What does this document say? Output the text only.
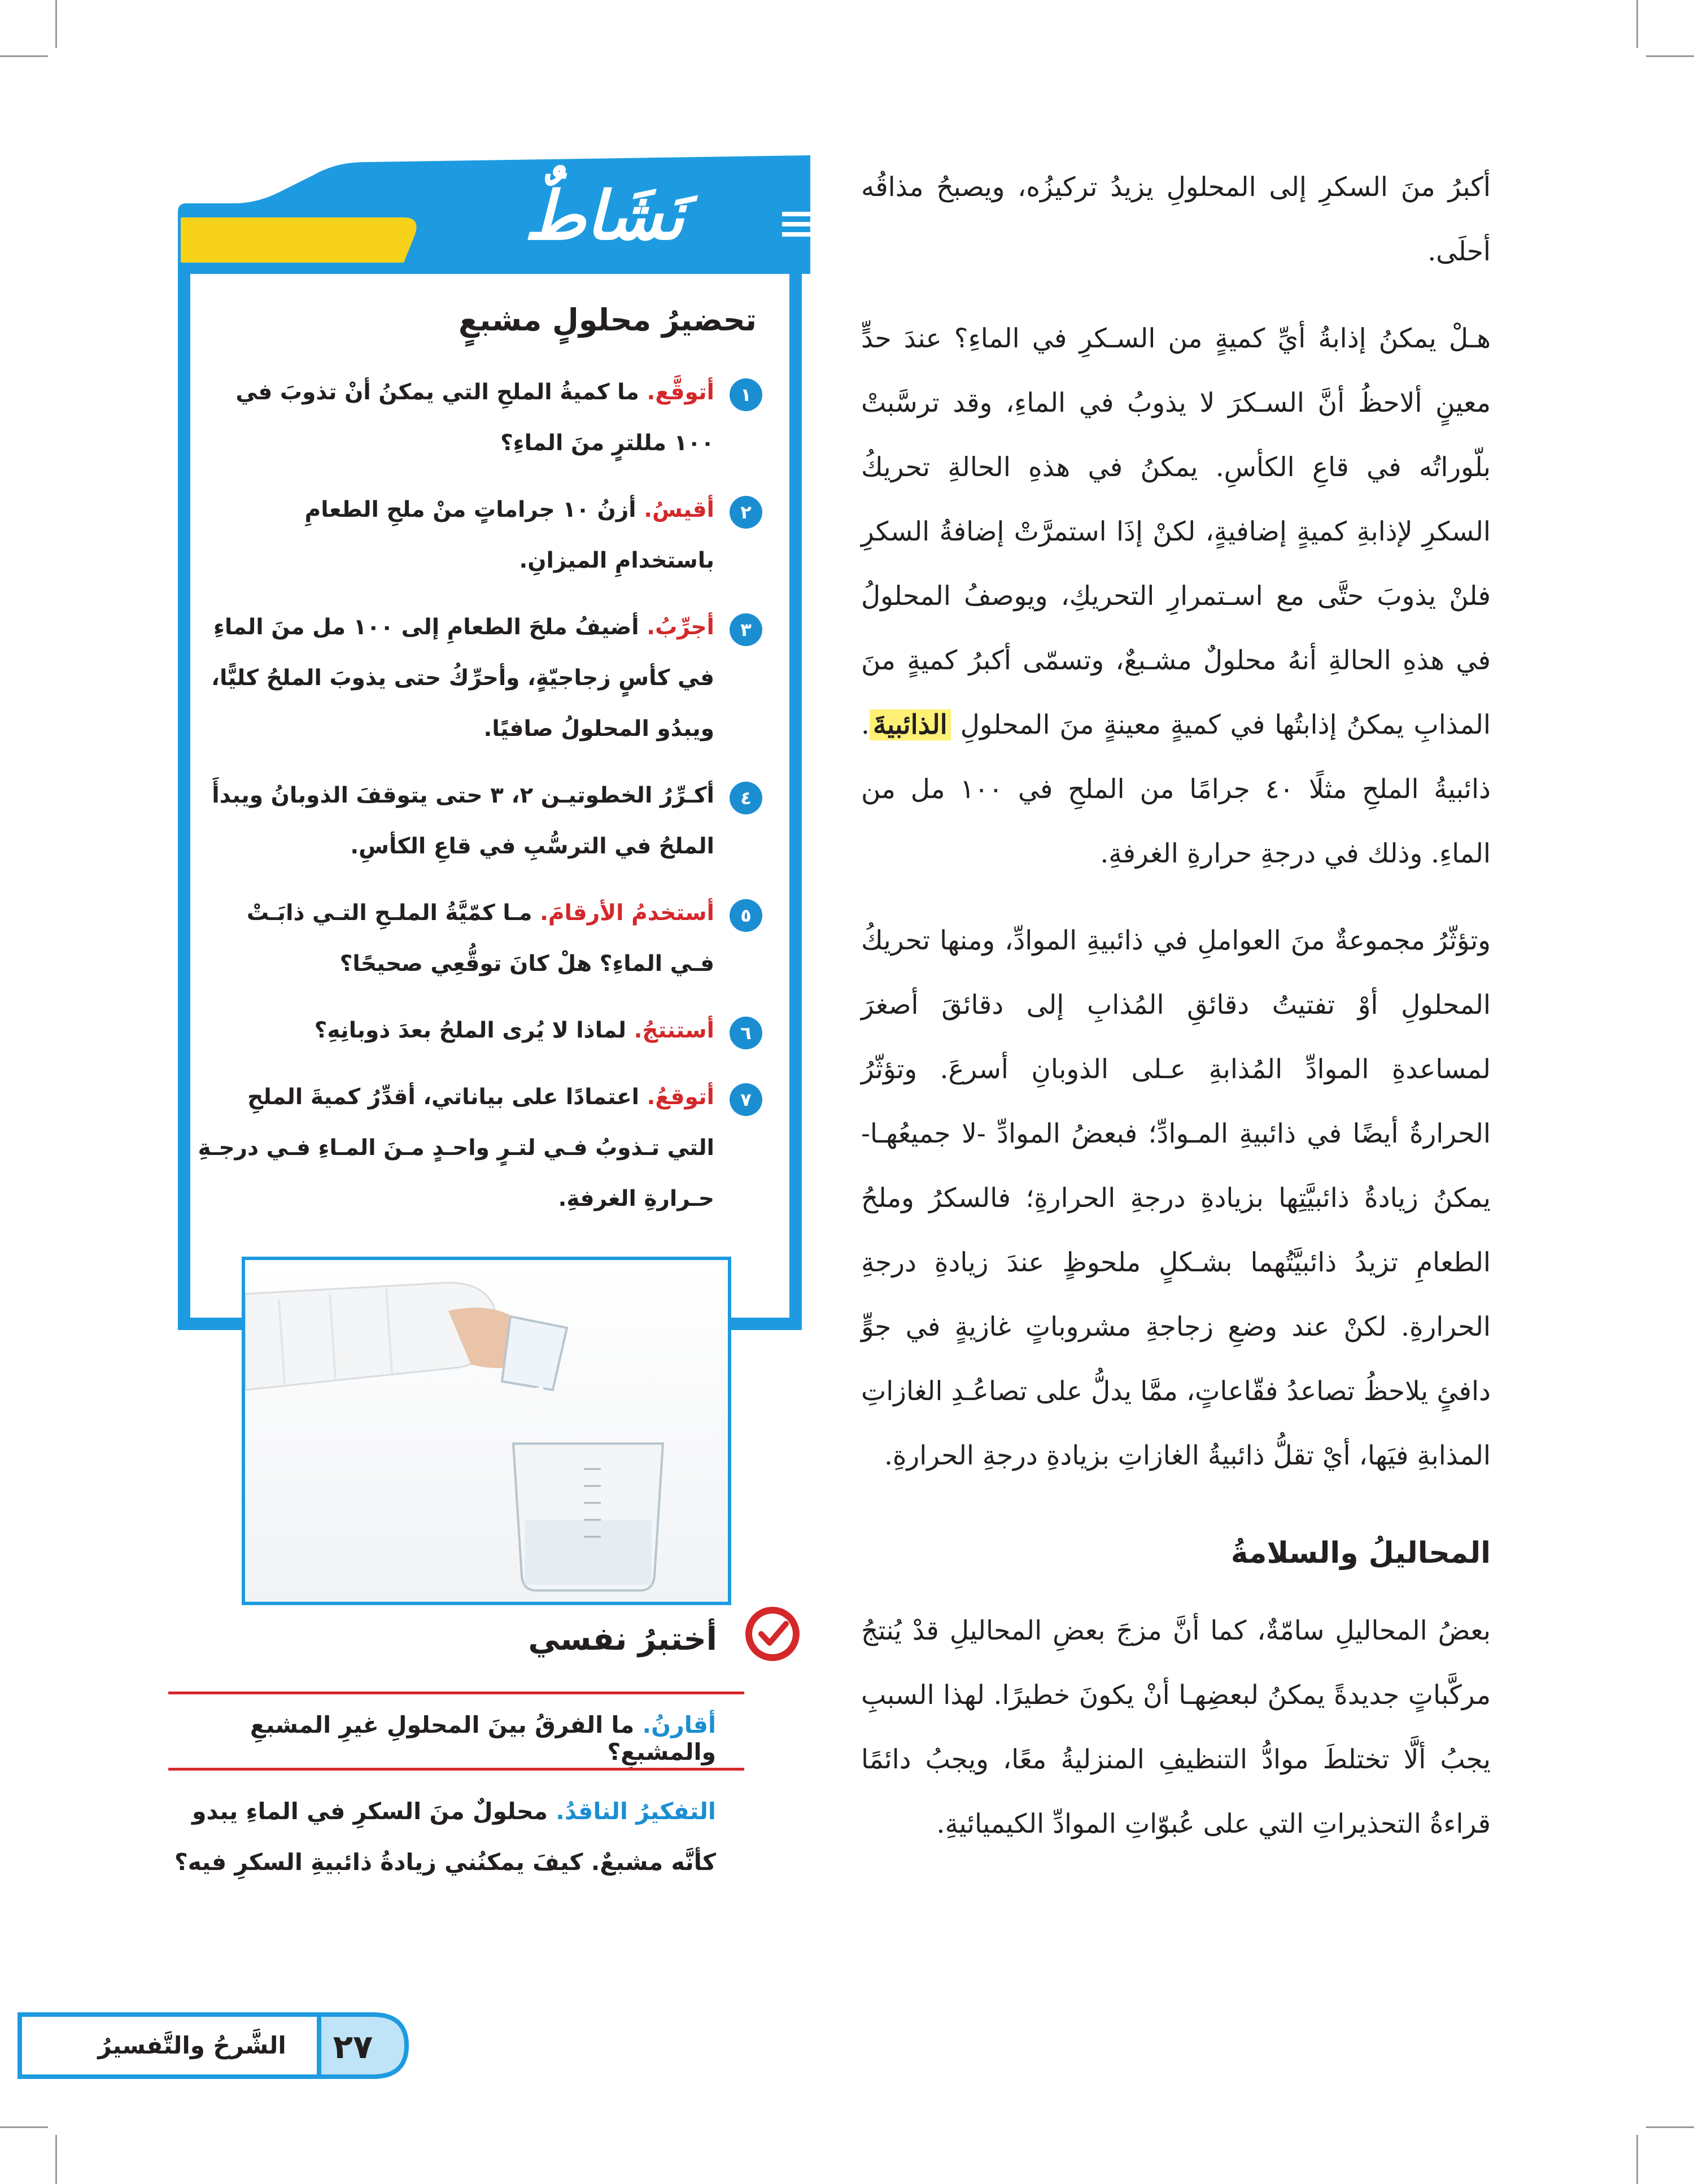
أكبرُ منَ السكرِ إلى المحلولِ يزيدُ تركيزُه، ويصبحُ مذاقُه أحلَى.

هـلْ يمكنُ إذابةُ أيِّ كميةٍ من السـكرِ في الماءِ؟ عندَ حدٍّ معينٍ ألاحظُ أنَّ السـكرَ لا يذوبُ في الماءِ، وقد ترسَّبتْ بلّوراتُه في قاعِ الكأسِ. يمكنُ في هذهِ الحالةِ تحريكُ السكرِ لإذابةِ كميةٍ إضافيةٍ، لكنْ إذَا استمرَّتْ إضافةُ السكرِ فلنْ يذوبَ حتَّى مع اسـتمرارِ التحريكِ، ويوصفُ المحلولُ في هذهِ الحالةِ أنهُ محلولٌ مشـبعٌ، وتسمّى أكبرُ كميةٍ منَ المذابِ يمكنُ إذابتُها في كميةٍ معينةٍ منَ المحلولِ الذائبيةَ. ذائبيةُ الملحِ مثلًا ٤٠ جرامًا من الملحِ في ١٠٠ مل من الماءِ. وذلك في درجةِ حرارةِ الغرفةِ.

وتؤثّرُ مجموعةٌ منَ العواملِ في ذائبيةِ الموادِّ، ومنها تحريكُ المحلولِ أوْ تفتيتُ دقائقِ المُذابِ إلى دقائقَ أصغرَ لمساعدةِ الموادِّ المُذابةِ عـلى الذوبانِ أسرعَ. وتؤثّرُ الحرارةُ أيضًا في ذائبيةِ المـوادِّ؛ فبعضُ الموادِّ -لا جميعُهـا- يمكنُ زيادةُ ذائبيَّتِها بزيادةِ درجةِ الحرارةِ؛ فالسكرُ وملحُ الطعامِ تزيدُ ذائبيَّتُهما بشـكلٍ ملحوظٍ عندَ زيادةِ درجةِ الحرارةِ. لكنْ عند وضعِ زجاجةِ مشروباتٍ غازيةٍ في جوٍّ دافئٍ يلاحظُ تصاعدُ فقّاعاتٍ، ممَّا يدلُّ على تصاعُـدِ الغازاتِ المذابةِ فيَها، أيْ تقلُّ ذائبيةُ الغازاتِ بزيادةِ درجةِ الحرارةِ.

المحاليلُ والسلامةُ

بعضُ المحاليلِ سامّةٌ، كما أنَّ مزجَ بعضِ المحاليلِ قدْ يُنتجُ مركَّباتٍ جديدةً يمكنُ لبعضِهـا أنْ يكونَ خطيرًا. لهذا السببِ يجبُ ألَّا تختلطَ موادُّ التنظيفِ المنزليةُ معًا، ويجبُ دائمًا قراءةُ التحذيراتِ التي على عُبوّاتِ الموادِّ الكيميائيةِ.

نَشَاطٌ
تحضيرُ محلولٍ مشبعٍ
١
أتوقَّع. ما كميةُ الملحِ التي يمكنُ أنْ تذوبَ في ١٠٠ مللترٍ منَ الماءِ؟
٢
أقيسُ. أزنُ ١٠ جراماتٍ منْ ملحِ الطعامِ باستخدامِ الميزانِ.
٣
أجرِّبُ. أضيفُ ملحَ الطعامِ إلى ١٠٠ مل منَ الماءِ في كأسٍ زجاجيّةٍ، وأحرِّكُ حتى يذوبَ الملحُ كليًّا، ويبدُو المحلولُ صافيًا.
٤
أكـرِّرُ الخطوتيـن ٢، ٣ حتى يتوقفَ الذوبانُ ويبدأَ الملحُ في الترسُّبِ في قاعِ الكأسِ.
٥
أستخدمُ الأرقامَ. مـا كمّيَّةُ الملـحِ التـي ذابَـتْ فـي الماءِ؟ هلْ كانَ توقُّعِي صحيحًا؟
٦
أستنتجُ. لماذا لا يُرى الملحُ بعدَ ذوبانِهِ؟
٧
أتوقعُ. اعتمادًا على بياناتي، أقدِّرُ كميةَ الملحِ التي تـذوبُ فـي لتـرٍ واحـدٍ مـنَ المـاءِ فـي درجـةِ حـرارةِ الغرفةِ.
أختبرُ نفسي
أقارنُ. ما الفرقُ بينَ المحلولِ غيرِ المشبعِ والمشبعِ؟
التفكيرُ الناقدُ. محلولٌ منَ السكرِ في الماءِ يبدو كأنَّه مشبعٌ. كيفَ يمكنُني زيادةُ ذائبيةِ السكرِ فيه؟
الشَّرحُ والتَّفسيرُ	٢٧
